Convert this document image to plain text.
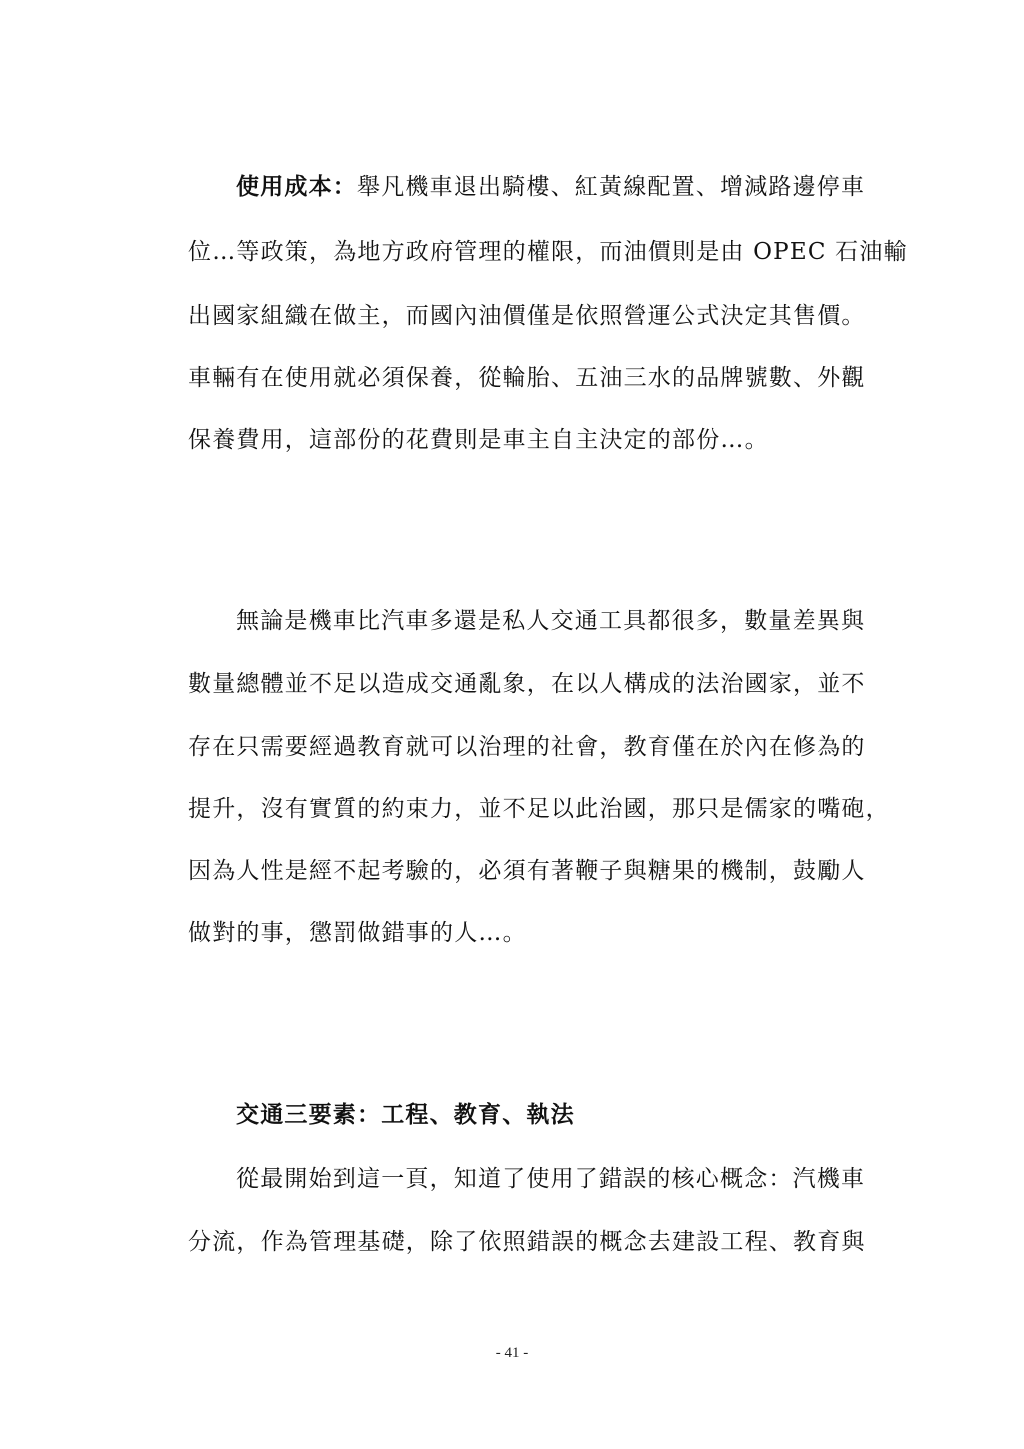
使用成本：舉凡機車退出騎樓、紅黃線配置、增減路邊停車
位…等政策，為地方政府管理的權限，而油價則是由 OPEC 石油輸
出國家組織在做主，而國內油價僅是依照營運公式決定其售價。
車輛有在使用就必須保養，從輪胎、五油三水的品牌號數、外觀
保養費用，這部份的花費則是車主自主決定的部份…。
無論是機車比汽車多還是私人交通工具都很多，數量差異與
數量總體並不足以造成交通亂象，在以人構成的法治國家，並不
存在只需要經過教育就可以治理的社會，教育僅在於內在修為的
提升，沒有實質的約束力，並不足以此治國，那只是儒家的嘴砲，
因為人性是經不起考驗的，必須有著鞭子與糖果的機制，鼓勵人
做對的事，懲罰做錯事的人…。
交通三要素：工程、教育、執法
從最開始到這一頁，知道了使用了錯誤的核心概念：汽機車
分流，作為管理基礎，除了依照錯誤的概念去建設工程、教育與
- 41 -
